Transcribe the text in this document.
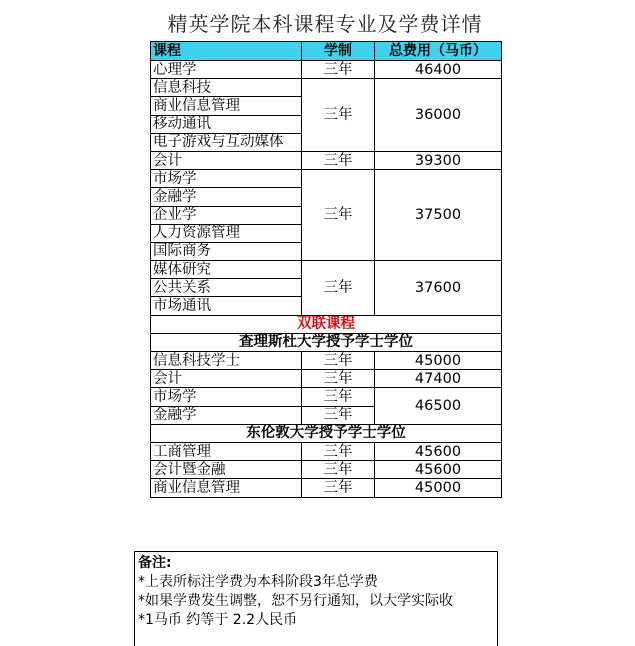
精英学院本科课程专业及学费详情
课程	学制	总费用（马币）
心理学	三年	46400
信息科技	三年	36000
商业信息管理		
移动通讯		
电子游戏与互动媒体		
会计	三年	39300
市场学	三年	37500
金融学		
企业学		
人力资源管理		
国际商务		
媒体研究	三年	37600
公共关系		
市场通讯		
双联课程		
查理斯杜大学授予学士学位		
信息科技学士	三年	45000
会计	三年	47400
市场学	三年	46500
金融学	三年	
东伦敦大学授予学士学位		
工商管理	三年	45600
会计暨金融	三年	45600
商业信息管理	三年	45000
备注:
*上表所标注学费为本科阶段3年总学费
*如果学费发生调整，恕不另行通知，以大学实际收
*1马币 约等于 2.2人民币
